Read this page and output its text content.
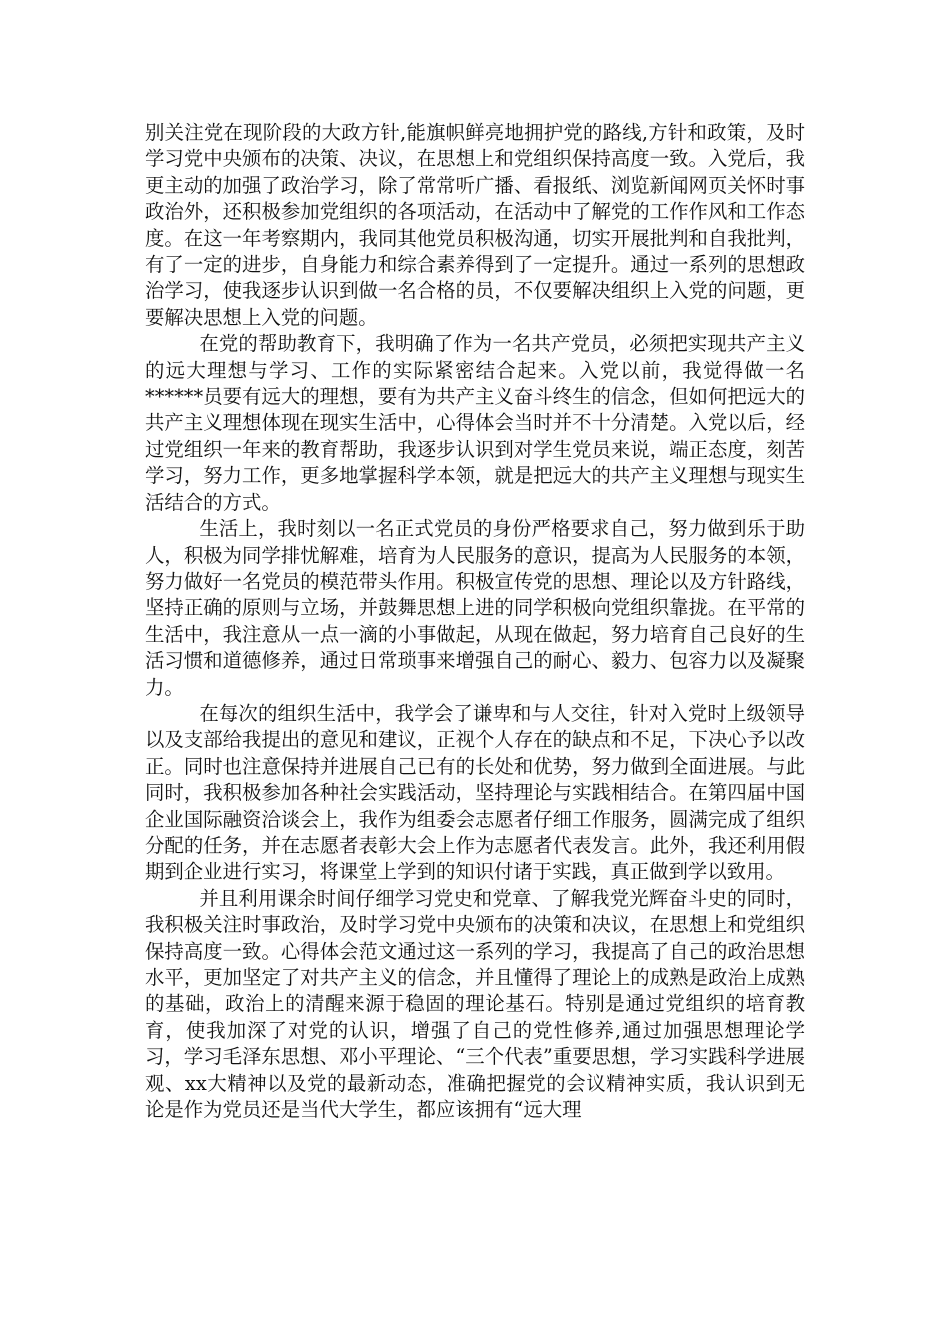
别关注党在现阶段的大政方针,能旗帜鲜亮地拥护党的路线,方针和政策，及时学习党中央颁布的决策、决议，在思想上和党组织保持高度一致。入党后，我更主动的加强了政治学习，除了常常听广播、看报纸、浏览新闻网页关怀时事政治外，还积极参加党组织的各项活动，在活动中了解党的工作作风和工作态度。在这一年考察期内，我同其他党员积极沟通，切实开展批判和自我批判，有了一定的进步，自身能力和综合素养得到了一定提升。通过一系列的思想政治学习，使我逐步认识到做一名合格的员，不仅要解决组织上入党的问题，更要解决思想上入党的问题。

在党的帮助教育下，我明确了作为一名共产党员，必须把实现共产主义的远大理想与学习、工作的实际紧密结合起来。入党以前，我觉得做一名******员要有远大的理想，要有为共产主义奋斗终生的信念，但如何把远大的共产主义理想体现在现实生活中，心得体会当时并不十分清楚。入党以后，经过党组织一年来的教育帮助，我逐步认识到对学生党员来说，端正态度，刻苦学习，努力工作，更多地掌握科学本领，就是把远大的共产主义理想与现实生活结合的方式。

生活上，我时刻以一名正式党员的身份严格要求自己，努力做到乐于助人，积极为同学排忧解难，培育为人民服务的意识，提高为人民服务的本领，努力做好一名党员的模范带头作用。积极宣传党的思想、理论以及方针路线，坚持正确的原则与立场，并鼓舞思想上进的同学积极向党组织靠拢。在平常的生活中，我注意从一点一滴的小事做起，从现在做起，努力培育自己良好的生活习惯和道德修养，通过日常琐事来增强自己的耐心、毅力、包容力以及凝聚力。

在每次的组织生活中，我学会了谦卑和与人交往，针对入党时上级领导以及支部给我提出的意见和建议，正视个人存在的缺点和不足，下决心予以改正。同时也注意保持并进展自己已有的长处和优势，努力做到全面进展。与此同时，我积极参加各种社会实践活动，坚持理论与实践相结合。在第四届中国企业国际融资洽谈会上，我作为组委会志愿者仔细工作服务，圆满完成了组织分配的任务，并在志愿者表彰大会上作为志愿者代表发言。此外，我还利用假期到企业进行实习，将课堂上学到的知识付诸于实践，真正做到学以致用。

并且利用课余时间仔细学习党史和党章、了解我党光辉奋斗史的同时，我积极关注时事政治，及时学习党中央颁布的决策和决议，在思想上和党组织保持高度一致。心得体会范文通过这一系列的学习，我提高了自己的政治思想水平，更加坚定了对共产主义的信念，并且懂得了理论上的成熟是政治上成熟的基础，政治上的清醒来源于稳固的理论基石。特别是通过党组织的培育教育，使我加深了对党的认识，增强了自己的党性修养,通过加强思想理论学习，学习毛泽东思想、邓小平理论、“三个代表”重要思想，学习实践科学进展观、xx大精神以及党的最新动态，准确把握党的会议精神实质，我认识到无论是作为党员还是当代大学生，都应该拥有“远大理
